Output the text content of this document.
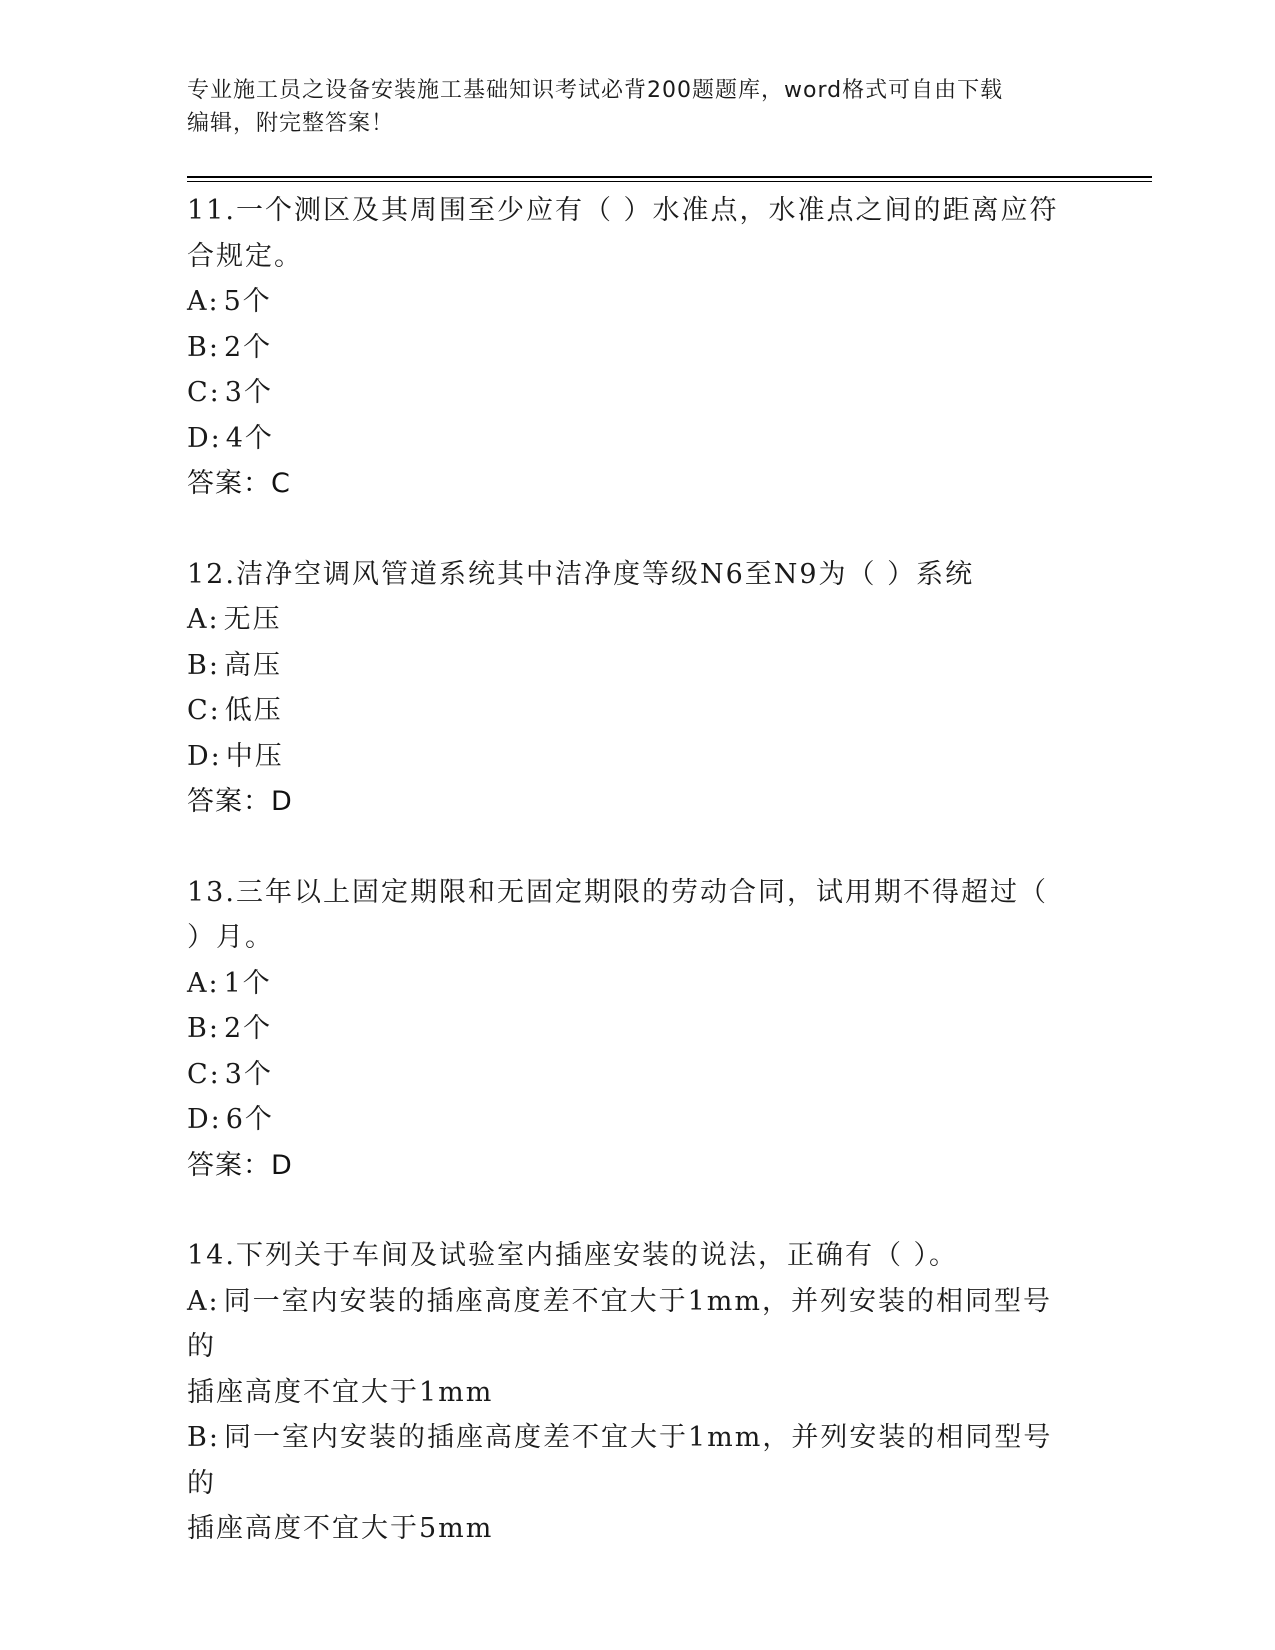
专业施工员之设备安装施工基础知识考试必背200题题库，word格式可自由下载
编辑，附完整答案！
11.一个测区及其周围至少应有（ ）水准点，水准点之间的距离应符
合规定。
A: 5个
B: 2个
C: 3个
D: 4个
答案：C
12.洁净空调风管道系统其中洁净度等级N6至N9为（ ）系统
A: 无压
B: 高压
C: 低压
D: 中压
答案：D
13.三年以上固定期限和无固定期限的劳动合同，试用期不得超过（
）月。
A: 1个
B: 2个
C: 3个
D: 6个
答案：D
14.下列关于车间及试验室内插座安装的说法，正确有（ ）。
A: 同一室内安装的插座高度差不宜大于1mm，并列安装的相同型号的
插座高度不宜大于1mm
B: 同一室内安装的插座高度差不宜大于1mm，并列安装的相同型号的
插座高度不宜大于5mm
